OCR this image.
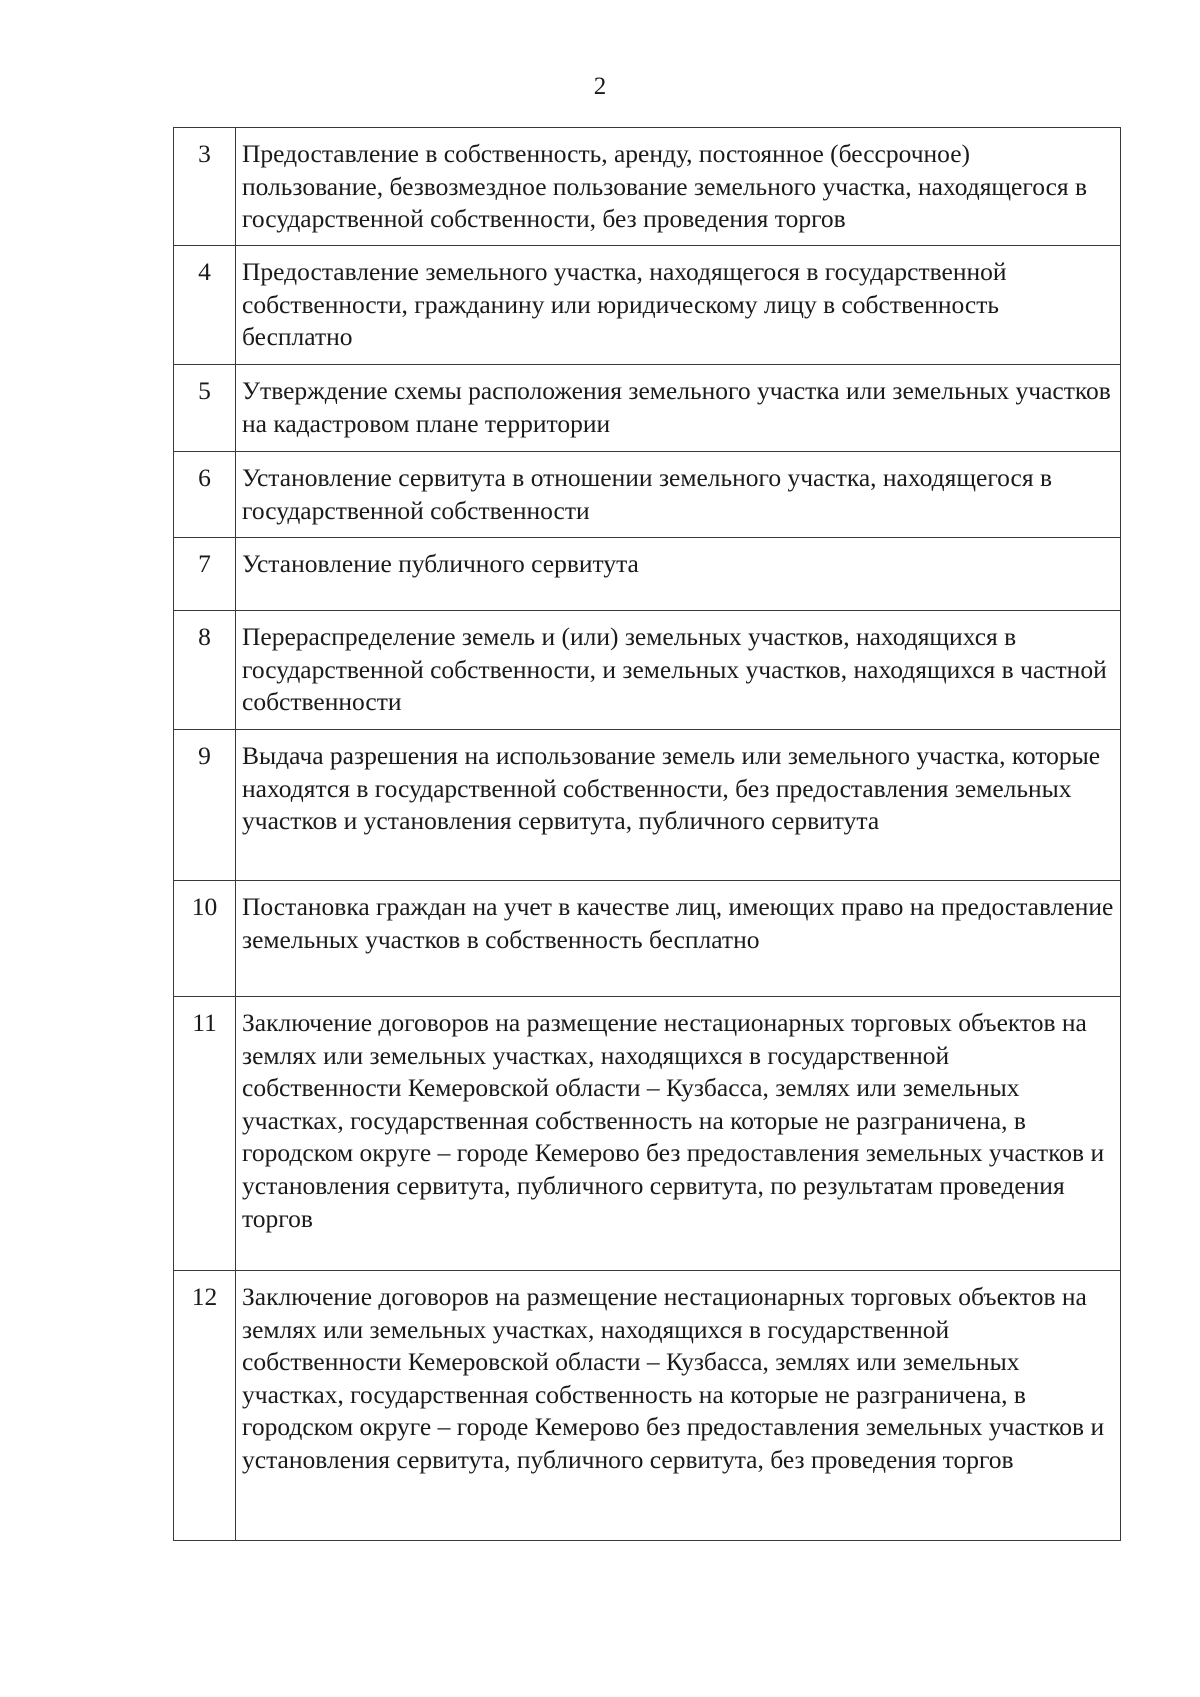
2
3	Предоставление в собственность, аренду, постоянное (бессрочное) пользование, безвозмездное пользование земельного участка, находящегося в государственной собственности, без проведения торгов
4	Предоставление земельного участка, находящегося в государственной собственности, гражданину или юридическому лицу в собственность бесплатно
5	Утверждение схемы расположения земельного участка или земельных участков на кадастровом плане территории
6	Установление сервитута в отношении земельного участка, находящегося в государственной собственности
7	Установление публичного сервитута
8	Перераспределение земель и (или) земельных участков, находящихся в государственной собственности, и земельных участков, находящихся в частной собственности
9	Выдача разрешения на использование земель или земельного участка, которые находятся в государственной собственности, без предоставления земельных участков и установления сервитута, публичного сервитута
10	Постановка граждан на учет в качестве лиц, имеющих право на предоставление земельных участков в собственность бесплатно
11	Заключение договоров на размещение нестационарных торговых объектов на землях или земельных участках, находящихся в государственной собственности Кемеровской области – Кузбасса, землях или земельных участках, государственная собственность на которые не разграничена, в городском округе – городе Кемерово без предоставления земельных участков и установления сервитута, публичного сервитута, по результатам проведения торгов
12	Заключение договоров на размещение нестационарных торговых объектов на землях или земельных участках, находящихся в государственной собственности Кемеровской области – Кузбасса, землях или земельных участках, государственная собственность на которые не разграничена, в городском округе – городе Кемерово без предоставления земельных участков и установления сервитута, публичного сервитута, без проведения торгов
